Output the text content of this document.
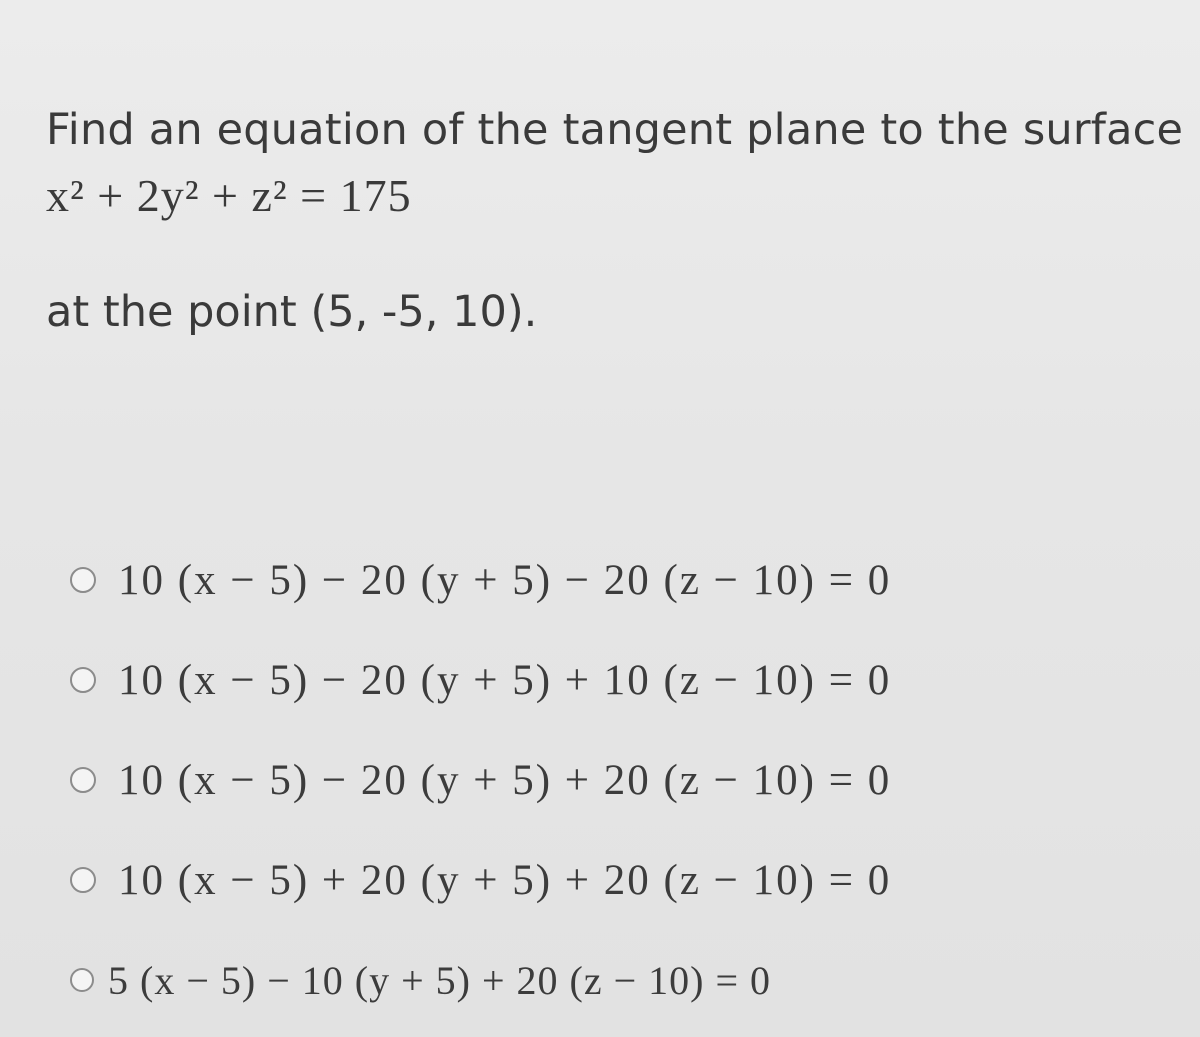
Find an equation of the tangent plane to the surface
x² + 2y² + z² = 175
at the point (5, -5, 10).
10 (x − 5) − 20 (y + 5) − 20 (z − 10) = 0
10 (x − 5) − 20 (y + 5) + 10 (z − 10) = 0
10 (x − 5) − 20 (y + 5) + 20 (z − 10) = 0
10 (x − 5) + 20 (y + 5) + 20 (z − 10) = 0
5 (x − 5) − 10 (y + 5) + 20 (z − 10) = 0
